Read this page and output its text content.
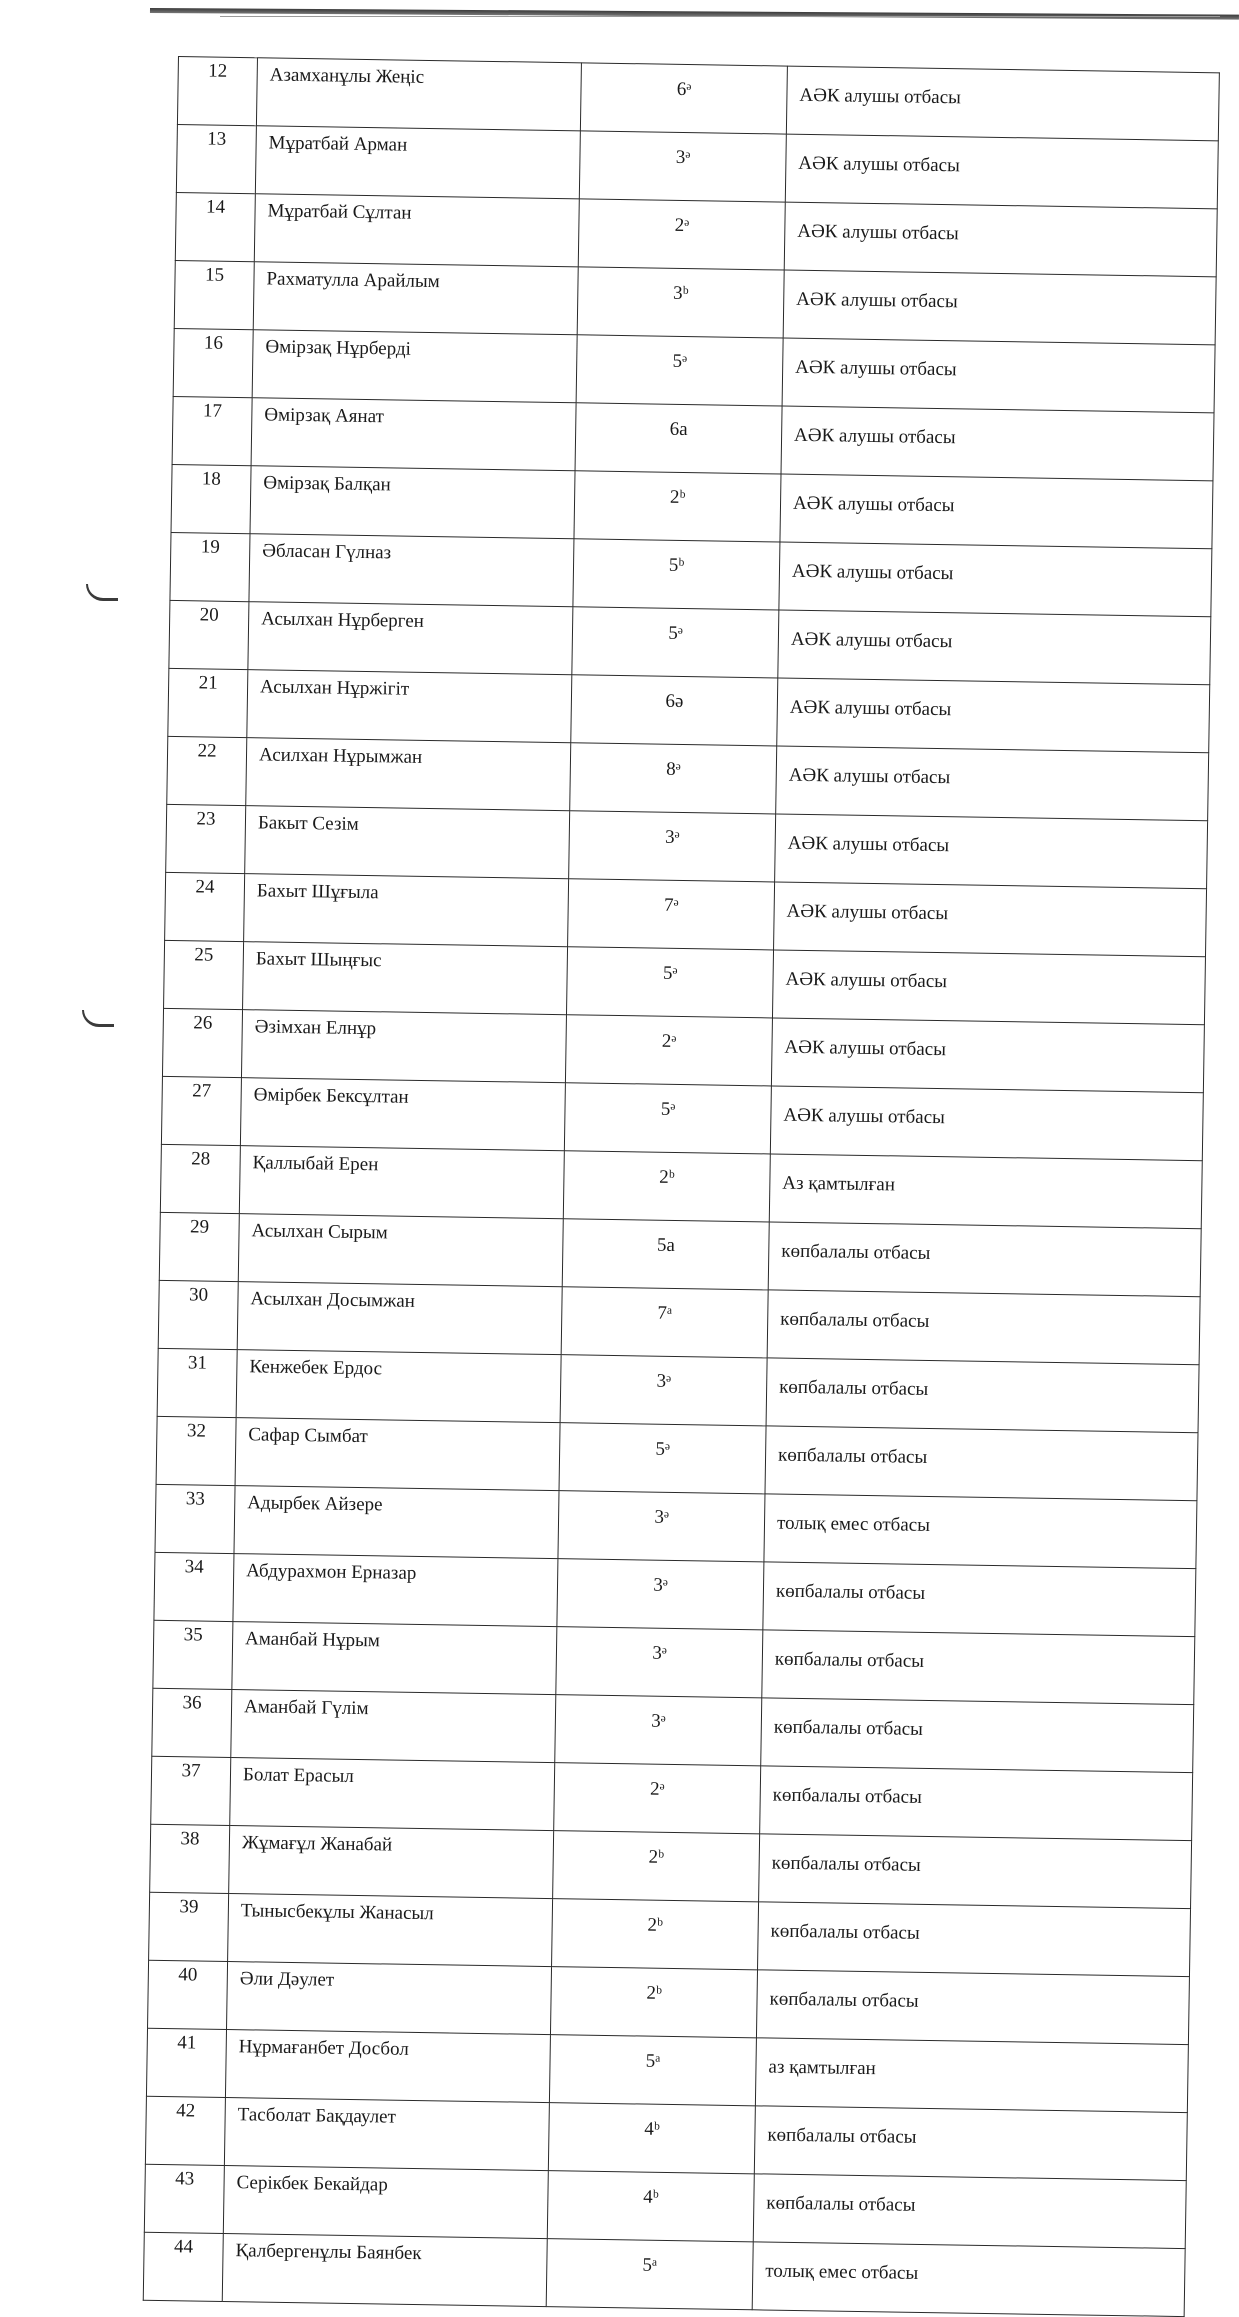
12	Азамханұлы Жеңіс	6ᵊ	АӘК алушы отбасы
13	Мұратбай Арман	3ᵊ	АӘК алушы отбасы
14	Мұратбай Сұлтан	2ᵊ	АӘК алушы отбасы
15	Рахматулла Арайлым	3ᵇ	АӘК алушы отбасы
16	Өмірзақ Нұрберді	5ᵊ	АӘК алушы отбасы
17	Өмірзақ Аянат	6а	АӘК алушы отбасы
18	Өмірзақ Балқан	2ᵇ	АӘК алушы отбасы
19	Әбласан Гүлназ	5ᵇ	АӘК алушы отбасы
20	Асылхан Нұрберген	5ᵊ	АӘК алушы отбасы
21	Асылхан Нұржігіт	6ә	АӘК алушы отбасы
22	Асилхан Нұрымжан	8ᵊ	АӘК алушы отбасы
23	Бакыт Сезім	3ᵊ	АӘК алушы отбасы
24	Бахыт Шұғыла	7ᵊ	АӘК алушы отбасы
25	Бахыт Шыңғыс	5ᵊ	АӘК алушы отбасы
26	Әзімхан Елнұр	2ᵊ	АӘК алушы отбасы
27	Өмірбек Бексұлтан	5ᵊ	АӘК алушы отбасы
28	Қаллыбай Ерен	2ᵇ	Аз қамтылған
29	Асылхан Сырым	5а	көпбалалы отбасы
30	Асылхан Досымжан	7ᵃ	көпбалалы отбасы
31	Кенжебек Ердос	3ᵊ	көпбалалы отбасы
32	Сафар Сымбат	5ᵊ	көпбалалы отбасы
33	Адырбек Айзере	3ᵊ	толық емес отбасы
34	Абдурахмон Ерназар	3ᵊ	көпбалалы отбасы
35	Аманбай Нұрым	3ᵊ	көпбалалы отбасы
36	Аманбай Гүлім	3ᵊ	көпбалалы отбасы
37	Болат Ерасыл	2ᵊ	көпбалалы отбасы
38	Жұмағұл Жанабай	2ᵇ	көпбалалы отбасы
39	Тынысбекұлы Жанасыл	2ᵇ	көпбалалы отбасы
40	Әли Дәулет	2ᵇ	көпбалалы отбасы
41	Нұрмағанбет Досбол	5ᵃ	аз қамтылған
42	Тасболат Бақдаулет	4ᵇ	көпбалалы отбасы
43	Серікбек Бекайдар	4ᵇ	көпбалалы отбасы
44	Қалбергенұлы Баянбек	5ᵃ	толық емес отбасы
